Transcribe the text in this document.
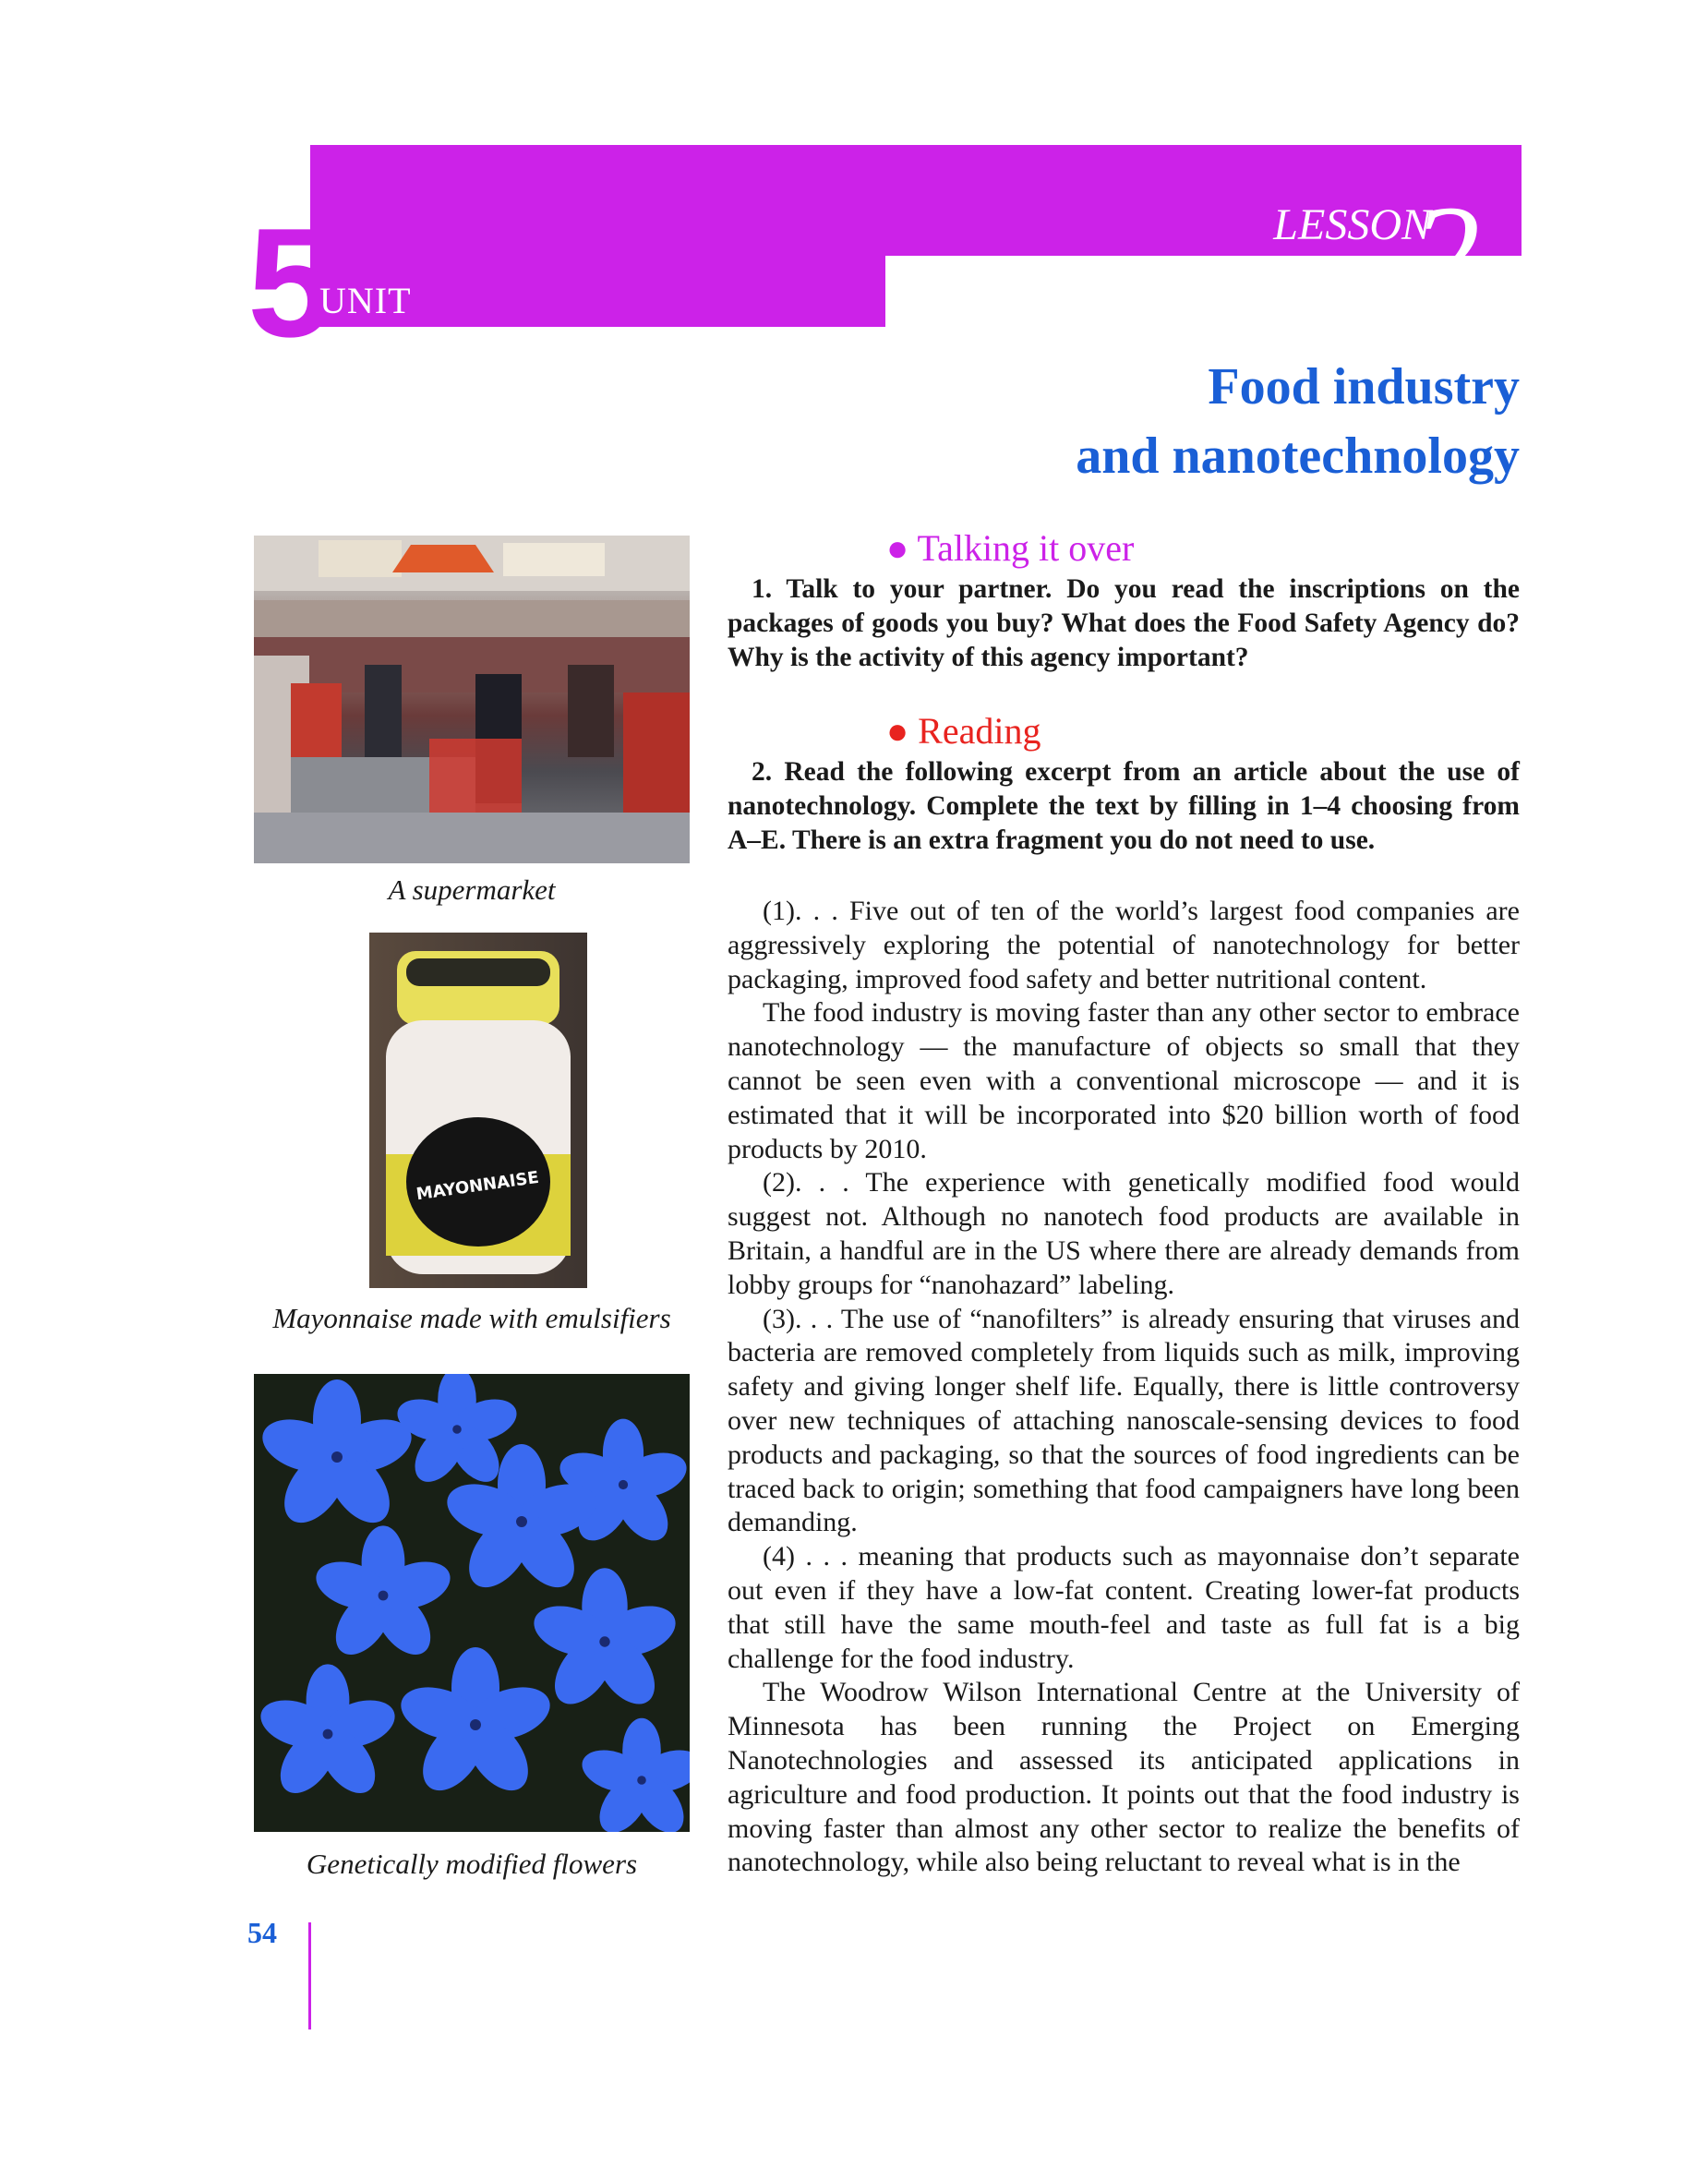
5
UNIT
LESSON
2
Food industry
and nanotechnology
A supermarket
MAYONNAISE
Mayonnaise made with emulsifiers
Genetically modified flowers
● Talking it over

1. Talk to your partner. Do you read the inscriptions on the packages of goods you buy? What does the Food Safety Agency do? Why is the activity of this agency important?

● Reading

2. Read the following excerpt from an article about the use of nanotechnology. Complete the text by filling in 1–4 choosing from A–E. There is an extra fragment you do not need to use.

(1). . . Five out of ten of the world’s largest food companies are aggressively exploring the potential of nanotechnology for better packaging, improved food safety and better nutritional content.

The food industry is moving faster than any other sector to embrace nanotechnology — the manufacture of objects so small that they cannot be seen even with a conventional microscope — and it is estimated that it will be incorporated into $20 billion worth of food products by 2010.

(2). . . The experience with genetically modified food would suggest not. Although no nanotech food products are available in Britain, a handful are in the US where there are already demands from lobby groups for “nanohazard” labeling.

(3). . . The use of “nanofilters” is already ensuring that viruses and bacteria are removed completely from liquids such as milk, improving safety and giving longer shelf life. Equally, there is little controversy over new techniques of attaching nanoscale-sensing devices to food products and packaging, so that the sources of food ingredients can be traced back to origin; something that food campaigners have long been demanding.

(4) . . . meaning that products such as mayonnaise don’t separate out even if they have a low-fat content. Creating lower-fat products that still have the same mouth-feel and taste as full fat is a big challenge for the food industry.

The Woodrow Wilson International Centre at the University of Minnesota has been running the Project on Emerging Nanotechnologies and assessed its anticipated applications in agriculture and food production. It points out that the food industry is moving faster than almost any other sector to realize the benefits of nanotechnology, while also being reluctant to reveal what is in the

54
